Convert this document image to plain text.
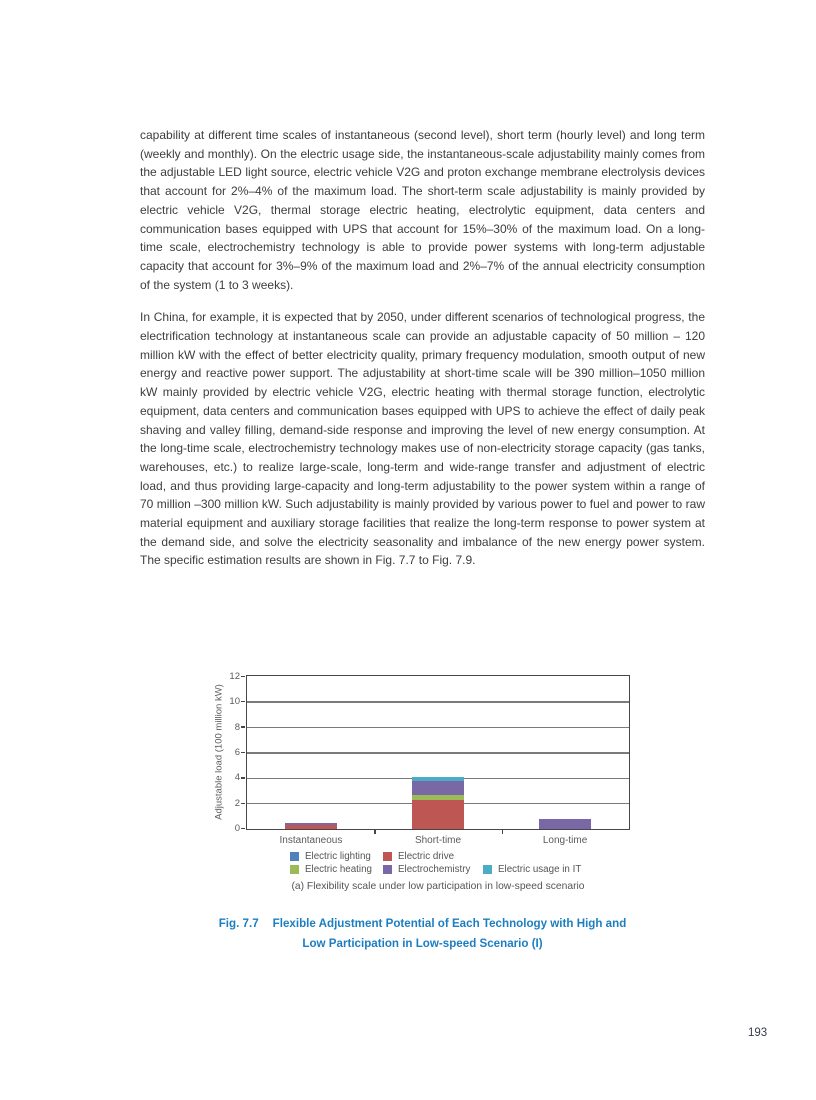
capability at different time scales of instantaneous (second level), short term (hourly level) and long term (weekly and monthly). On the electric usage side, the instantaneous-scale adjustability mainly comes from the adjustable LED light source, electric vehicle V2G and proton exchange membrane electrolysis devices that account for 2%–4% of the maximum load. The short-term scale adjustability is mainly provided by electric vehicle V2G, thermal storage electric heating, electrolytic equipment, data centers and communication bases equipped with UPS that account for 15%–30% of the maximum load. On a long-time scale, electrochemistry technology is able to provide power systems with long-term adjustable capacity that account for 3%–9% of the maximum load and 2%–7% of the annual electricity consumption of the system (1 to 3 weeks).

In China, for example, it is expected that by 2050, under different scenarios of technological progress, the electrification technology at instantaneous scale can provide an adjustable capacity of 50 million – 120 million kW with the effect of better electricity quality, primary frequency modulation, smooth output of new energy and reactive power support. The adjustability at short-time scale will be 390 million–1050 million kW mainly provided by electric vehicle V2G, electric heating with thermal storage function, electrolytic equipment, data centers and communication bases equipped with UPS to achieve the effect of daily peak shaving and valley filling, demand-side response and improving the level of new energy consumption. At the long-time scale, electrochemistry technology makes use of non-electricity storage capacity (gas tanks, warehouses, etc.) to realize large-scale, long-term and wide-range transfer and adjustment of electric load, and thus providing large-capacity and long-term adjustability to the power system within a range of 70 million –300 million kW. Such adjustability is mainly provided by various power to fuel and power to raw material equipment and auxiliary storage facilities that realize the long-term response to power system at the demand side, and solve the electricity seasonality and imbalance of the new energy power system. The specific estimation results are shown in Fig. 7.7 to Fig. 7.9.

Adjustable load (100 million kW)
0
2
4
6
8
10
12
Instantaneous	Short-time	Long-time
Electric lighting	Electric drive
Electric heating	Electrochemistry	Electric usage in IT
(a) Flexibility scale under low participation in low-speed scenario
Fig. 7.7 Flexible Adjustment Potential of Each Technology with High and
Low Participation in Low-speed Scenario (I)
193
